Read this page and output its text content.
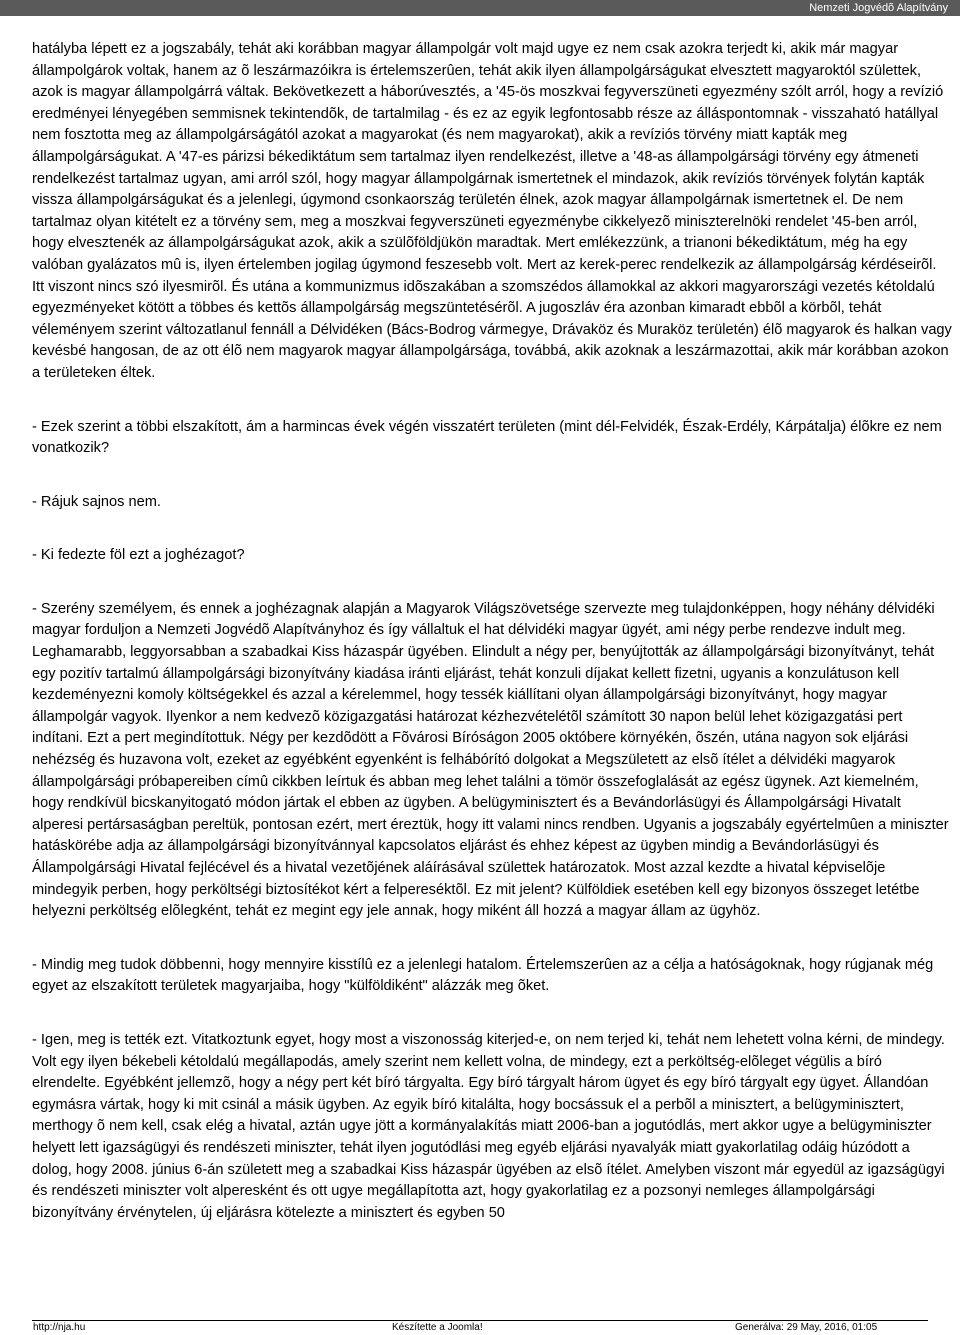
Nemzeti Jogvédõ Alapítvány

hatályba lépett ez a jogszabály, tehát aki korábban magyar állampolgár volt majd ugye ez nem csak azokra terjedt ki, akik már magyar állampolgárok voltak, hanem az õ leszármazóikra is értelemszerûen, tehát akik ilyen állampolgárságukat elvesztett magyaroktól születtek, azok is magyar állampolgárrá váltak. Bekövetkezett a háborúvesztés, a '45-ös moszkvai fegyverszüneti egyezmény szólt arról, hogy a revízió eredményei lényegében semmisnek tekintendõk, de tartalmilag - és ez az egyik legfontosabb része az álláspontomnak - visszaható hatállyal nem fosztotta meg az állampolgárságától azokat a magyarokat (és nem magyarokat), akik a revíziós törvény miatt kapták meg állampolgárságukat. A '47-es párizsi békediktátum sem tartalmaz ilyen rendelkezést, illetve a '48-as állampolgársági törvény egy átmeneti rendelkezést tartalmaz ugyan, ami arról szól, hogy magyar állampolgárnak ismertetnek el mindazok, akik revíziós törvények folytán kapták vissza állampolgárságukat és a jelenlegi, úgymond csonkaország területén élnek, azok magyar állampolgárnak ismertetnek el. De nem tartalmaz olyan kitételt ez a törvény sem, meg a moszkvai fegyverszüneti egyezménybe cikkelyezõ miniszterelnöki rendelet '45-ben arról, hogy elvesztenék az állampolgárságukat azok, akik a szülõföldjükön maradtak. Mert emlékezzünk, a trianoni békediktátum, még ha egy valóban gyalázatos mû is, ilyen értelemben jogilag úgymond feszesebb volt. Mert az kerek-perec rendelkezik az állampolgárság kérdéseirõl. Itt viszont nincs szó ilyesmirõl. És utána a kommunizmus idõszakában a szomszédos államokkal az akkori magyarországi vezetés kétoldalú egyezményeket kötött a többes és kettõs állampolgárság megszüntetésérõl. A jugoszláv éra azonban kimaradt ebbõl a körbõl, tehát véleményem szerint változatlanul fennáll a Délvidéken (Bács-Bodrog vármegye, Drávaköz és Muraköz területén) élõ magyarok és halkan vagy kevésbé hangosan, de az ott élõ nem magyarok magyar állampolgársága, továbbá, akik azoknak a leszármazottai, akik már korábban azokon a területeken éltek.

- Ezek szerint a többi elszakított, ám a harmincas évek végén visszatért területen (mint dél-Felvidék, Észak-Erdély, Kárpátalja) élõkre ez nem vonatkozik?

- Rájuk sajnos nem.

- Ki fedezte föl ezt a joghézagot?

- Szerény személyem, és ennek a joghézagnak alapján a Magyarok Világszövetsége szervezte meg tulajdonképpen, hogy néhány délvidéki magyar forduljon a Nemzeti Jogvédõ Alapítványhoz és így vállaltuk el hat délvidéki magyar ügyét, ami négy perbe rendezve indult meg. Leghamarabb, leggyorsabban a szabadkai Kiss házaspár ügyében. Elindult a négy per, benyújtották az állampolgársági bizonyítványt, tehát egy pozitív tartalmú állampolgársági bizonyítvány kiadása iránti eljárást, tehát konzuli díjakat kellett fizetni, ugyanis a konzulátuson kell kezdeményezni komoly költségekkel és azzal a kérelemmel, hogy tessék kiállítani olyan állampolgársági bizonyítványt, hogy magyar állampolgár vagyok. Ilyenkor a nem kedvezõ közigazgatási határozat kézhezvételétõl számított 30 napon belül lehet közigazgatási pert indítani. Ezt a pert megindítottuk. Négy per kezdõdött a Fõvárosi Bíróságon 2005 októbere környékén, õszén, utána nagyon sok eljárási nehézség és huzavona volt, ezeket az egyébként egyenként is felhábórító dolgokat a Megszületett az elsõ ítélet a délvidéki magyarok állampolgársági próbapereiben címû cikkben leírtuk és abban meg lehet találni a tömör összefoglalását az egész ügynek. Azt kiemelném, hogy rendkívül bicskanyitogató módon jártak el ebben az ügyben. A belügyminisztert és a Bevándorlásügyi és Állampolgársági Hivatalt alperesi pertársaságban pereltük, pontosan ezért, mert éreztük, hogy itt valami nincs rendben. Ugyanis a jogszabály egyértelmûen a miniszter hatáskörébe adja az állampolgársági bizonyítvánnyal kapcsolatos eljárást és ehhez képest az ügyben mindig a Bevándorlásügyi és Állampolgársági Hivatal fejlécével és a hivatal vezetõjének aláírásával születtek határozatok. Most azzal kezdte a hivatal képviselõje mindegyik perben, hogy perköltségi biztosítékot kért a felpereséktõl. Ez mit jelent? Külföldiek esetében kell egy bizonyos összeget letétbe helyezni perköltség elõlegként, tehát ez megint egy jele annak, hogy miként áll hozzá a magyar állam az ügyhöz.

- Mindig meg tudok döbbenni, hogy mennyire kisstílû ez a jelenlegi hatalom. Értelemszerûen az a célja a hatóságoknak, hogy rúgjanak még egyet az elszakított területek magyarjaiba, hogy "külföldiként" alázzák meg õket.

- Igen, meg is tették ezt. Vitatkoztunk egyet, hogy most a viszonosság kiterjed-e, on nem terjed ki, tehát nem lehetett volna kérni, de mindegy. Volt egy ilyen békebeli kétoldalú megállapodás, amely szerint nem kellett volna, de mindegy, ezt a perköltség-elõleget végülis a bíró elrendelte. Egyébként jellemzõ, hogy a négy pert két bíró tárgyalta. Egy bíró tárgyalt három ügyet és egy bíró tárgyalt egy ügyet. Állandóan egymásra vártak, hogy ki mit csinál a másik ügyben. Az egyik bíró kitalálta, hogy bocsássuk el a perbõl a minisztert, a belügyminisztert, merthogy õ nem kell, csak elég a hivatal, aztán ugye jött a kormányalakítás miatt 2006-ban a jogutódlás, mert akkor ugye a belügyminiszter helyett lett igazságügyi és rendészeti miniszter, tehát ilyen jogutódlási meg egyéb eljárási nyavalyák miatt gyakorlatilag odáig húzódott a dolog, hogy 2008. június 6-án született meg a szabadkai Kiss házaspár ügyében az elsõ ítélet. Amelyben viszont már egyedül az igazságügyi és rendészeti miniszter volt alperesként és ott ugye megállapította azt, hogy gyakorlatilag ez a pozsonyi nemleges állampolgársági bizonyítvány érvénytelen, új eljárásra kötelezte a minisztert és egyben 50

http://nja.hu	Készítette a Joomla!	Generálva: 29 May, 2016, 01:05
